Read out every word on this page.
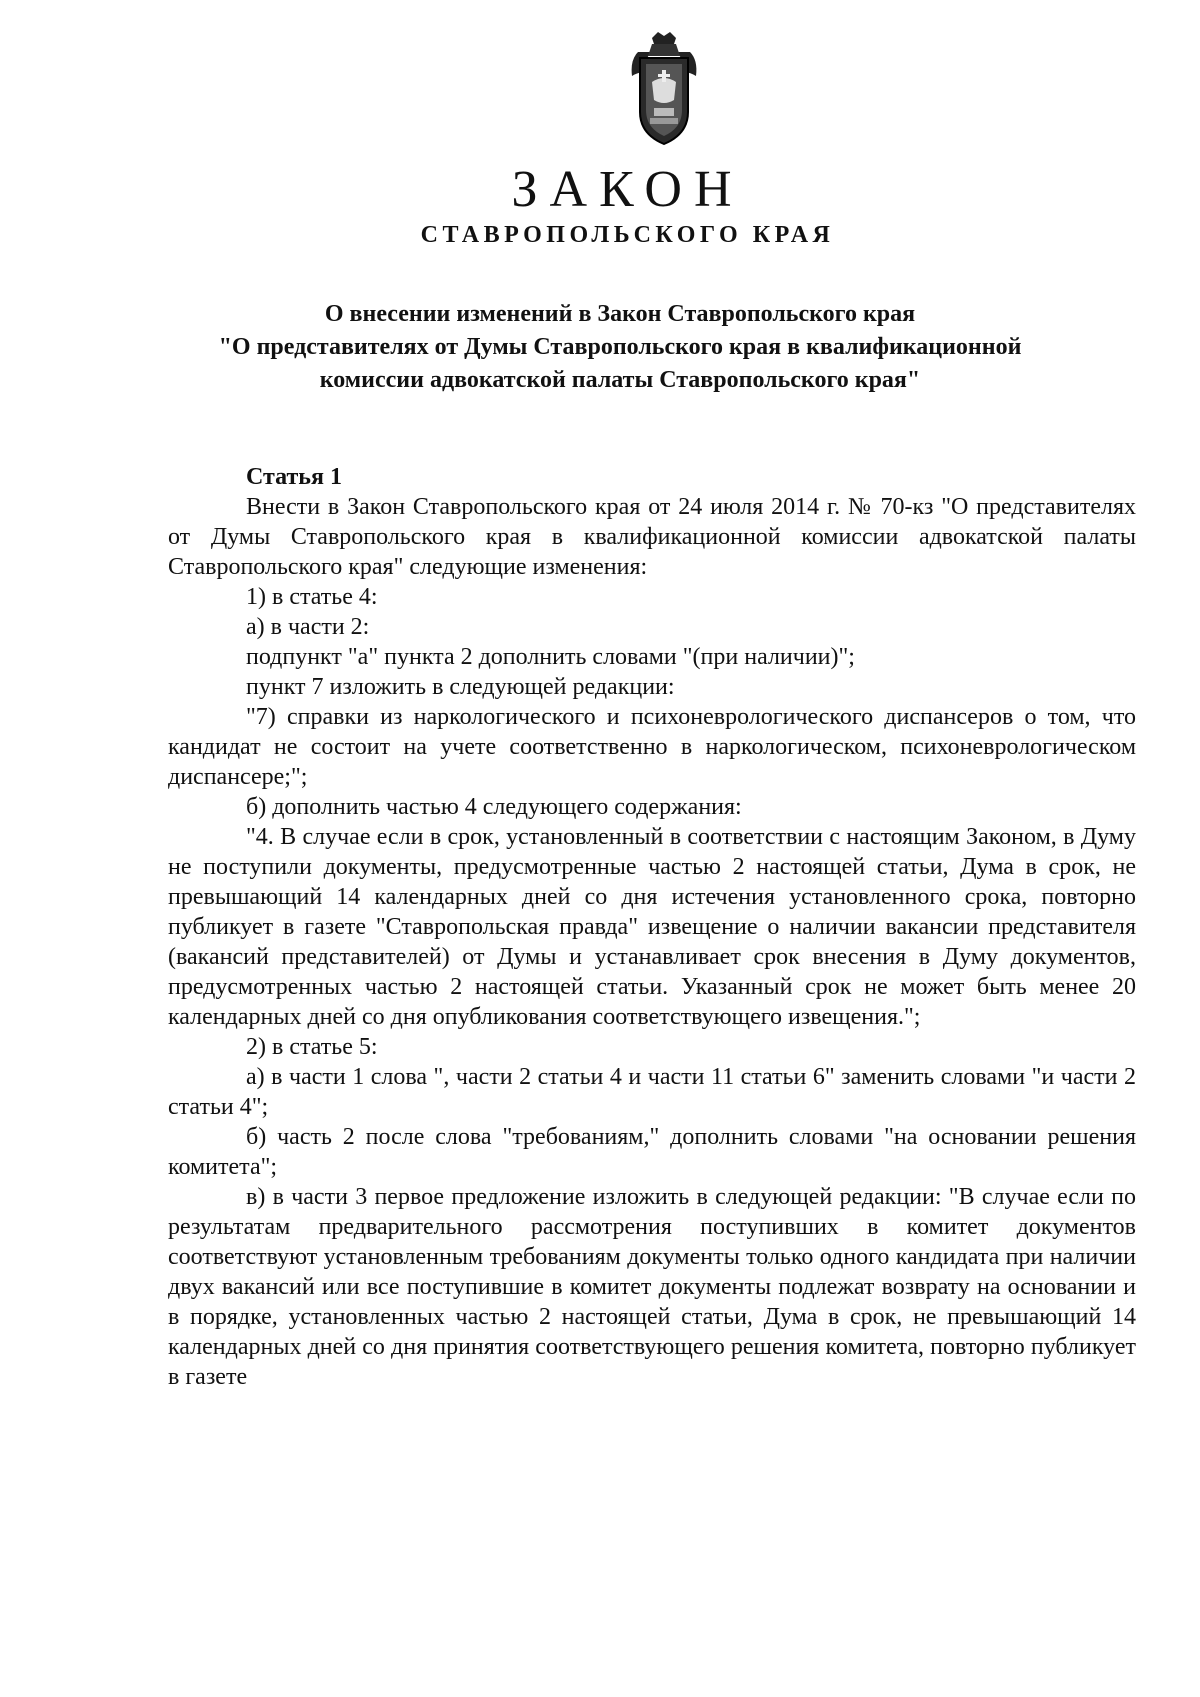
ЗАКОН
СТАВРОПОЛЬСКОГО КРАЯ
О внесении изменений в Закон Ставропольского края
"О представителях от Думы Ставропольского края в квалификационной
комиссии адвокатской палаты Ставропольского края"

Статья 1

Внести в Закон Ставропольского края от 24 июля 2014 г. № 70-кз "О представителях от Думы Ставропольского края в квалификационной комиссии адвокатской палаты Ставропольского края" следующие изменения:

1) в статье 4:

а) в части 2:

подпункт "а" пункта 2 дополнить словами "(при наличии)";

пункт 7 изложить в следующей редакции:

"7) справки из наркологического и психоневрологического диспансеров о том, что кандидат не состоит на учете соответственно в наркологическом, психоневрологическом диспансере;";

б) дополнить частью 4 следующего содержания:

"4. В случае если в срок, установленный в соответствии с настоящим Законом, в Думу не поступили документы, предусмотренные частью 2 настоящей статьи, Дума в срок, не превышающий 14 календарных дней со дня истечения установленного срока, повторно публикует в газете "Ставропольская правда" извещение о наличии вакансии представителя (вакансий представителей) от Думы и устанавливает срок внесения в Думу документов, предусмотренных частью 2 настоящей статьи. Указанный срок не может быть менее 20 календарных дней со дня опубликования соответствующего извещения.";

2) в статье 5:

а) в части 1 слова ", части 2 статьи 4 и части 11 статьи 6" заменить словами "и части 2 статьи 4";

б) часть 2 после слова "требованиям," дополнить словами "на основании решения комитета";

в) в части 3 первое предложение изложить в следующей редакции: "В случае если по результатам предварительного рассмотрения поступивших в комитет документов соответствуют установленным требованиям документы только одного кандидата при наличии двух вакансий или все поступившие в комитет документы подлежат возврату на основании и в порядке, установленных частью 2 настоящей статьи, Дума в срок, не превышающий 14 календарных дней со дня принятия соответствующего решения комитета, повторно публикует в газете
